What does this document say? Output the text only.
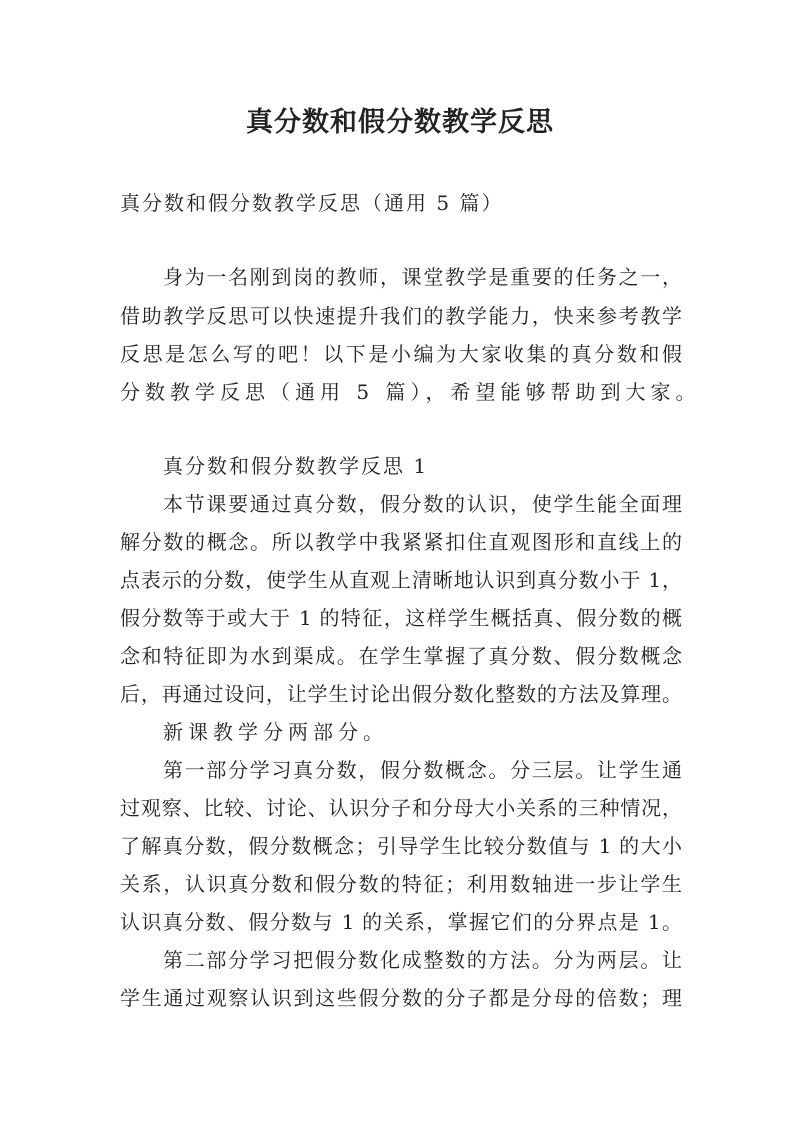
真分数和假分数教学反思
真分数和假分数教学反思（通用 5 篇）
身为一名刚到岗的教师，课堂教学是重要的任务之一，
借助教学反思可以快速提升我们的教学能力，快来参考教学
反思是怎么写的吧！以下是小编为大家收集的真分数和假
分数教学反思（通用 5 篇），希望能够帮助到大家。
真分数和假分数教学反思 1
本节课要通过真分数，假分数的认识，使学生能全面理
解分数的概念。所以教学中我紧紧扣住直观图形和直线上的
点表示的分数，使学生从直观上清晰地认识到真分数小于 1，
假分数等于或大于 1 的特征，这样学生概括真、假分数的概
念和特征即为水到渠成。在学生掌握了真分数、假分数概念
后，再通过设问，让学生讨论出假分数化整数的方法及算理。
新课教学分两部分。
第一部分学习真分数，假分数概念。分三层。让学生通
过观察、比较、讨论、认识分子和分母大小关系的三种情况，
了解真分数，假分数概念；引导学生比较分数值与 1 的大小
关系，认识真分数和假分数的特征；利用数轴进一步让学生
认识真分数、假分数与 1 的关系，掌握它们的分界点是 1。
第二部分学习把假分数化成整数的方法。分为两层。让
学生通过观察认识到这些假分数的分子都是分母的倍数；理
